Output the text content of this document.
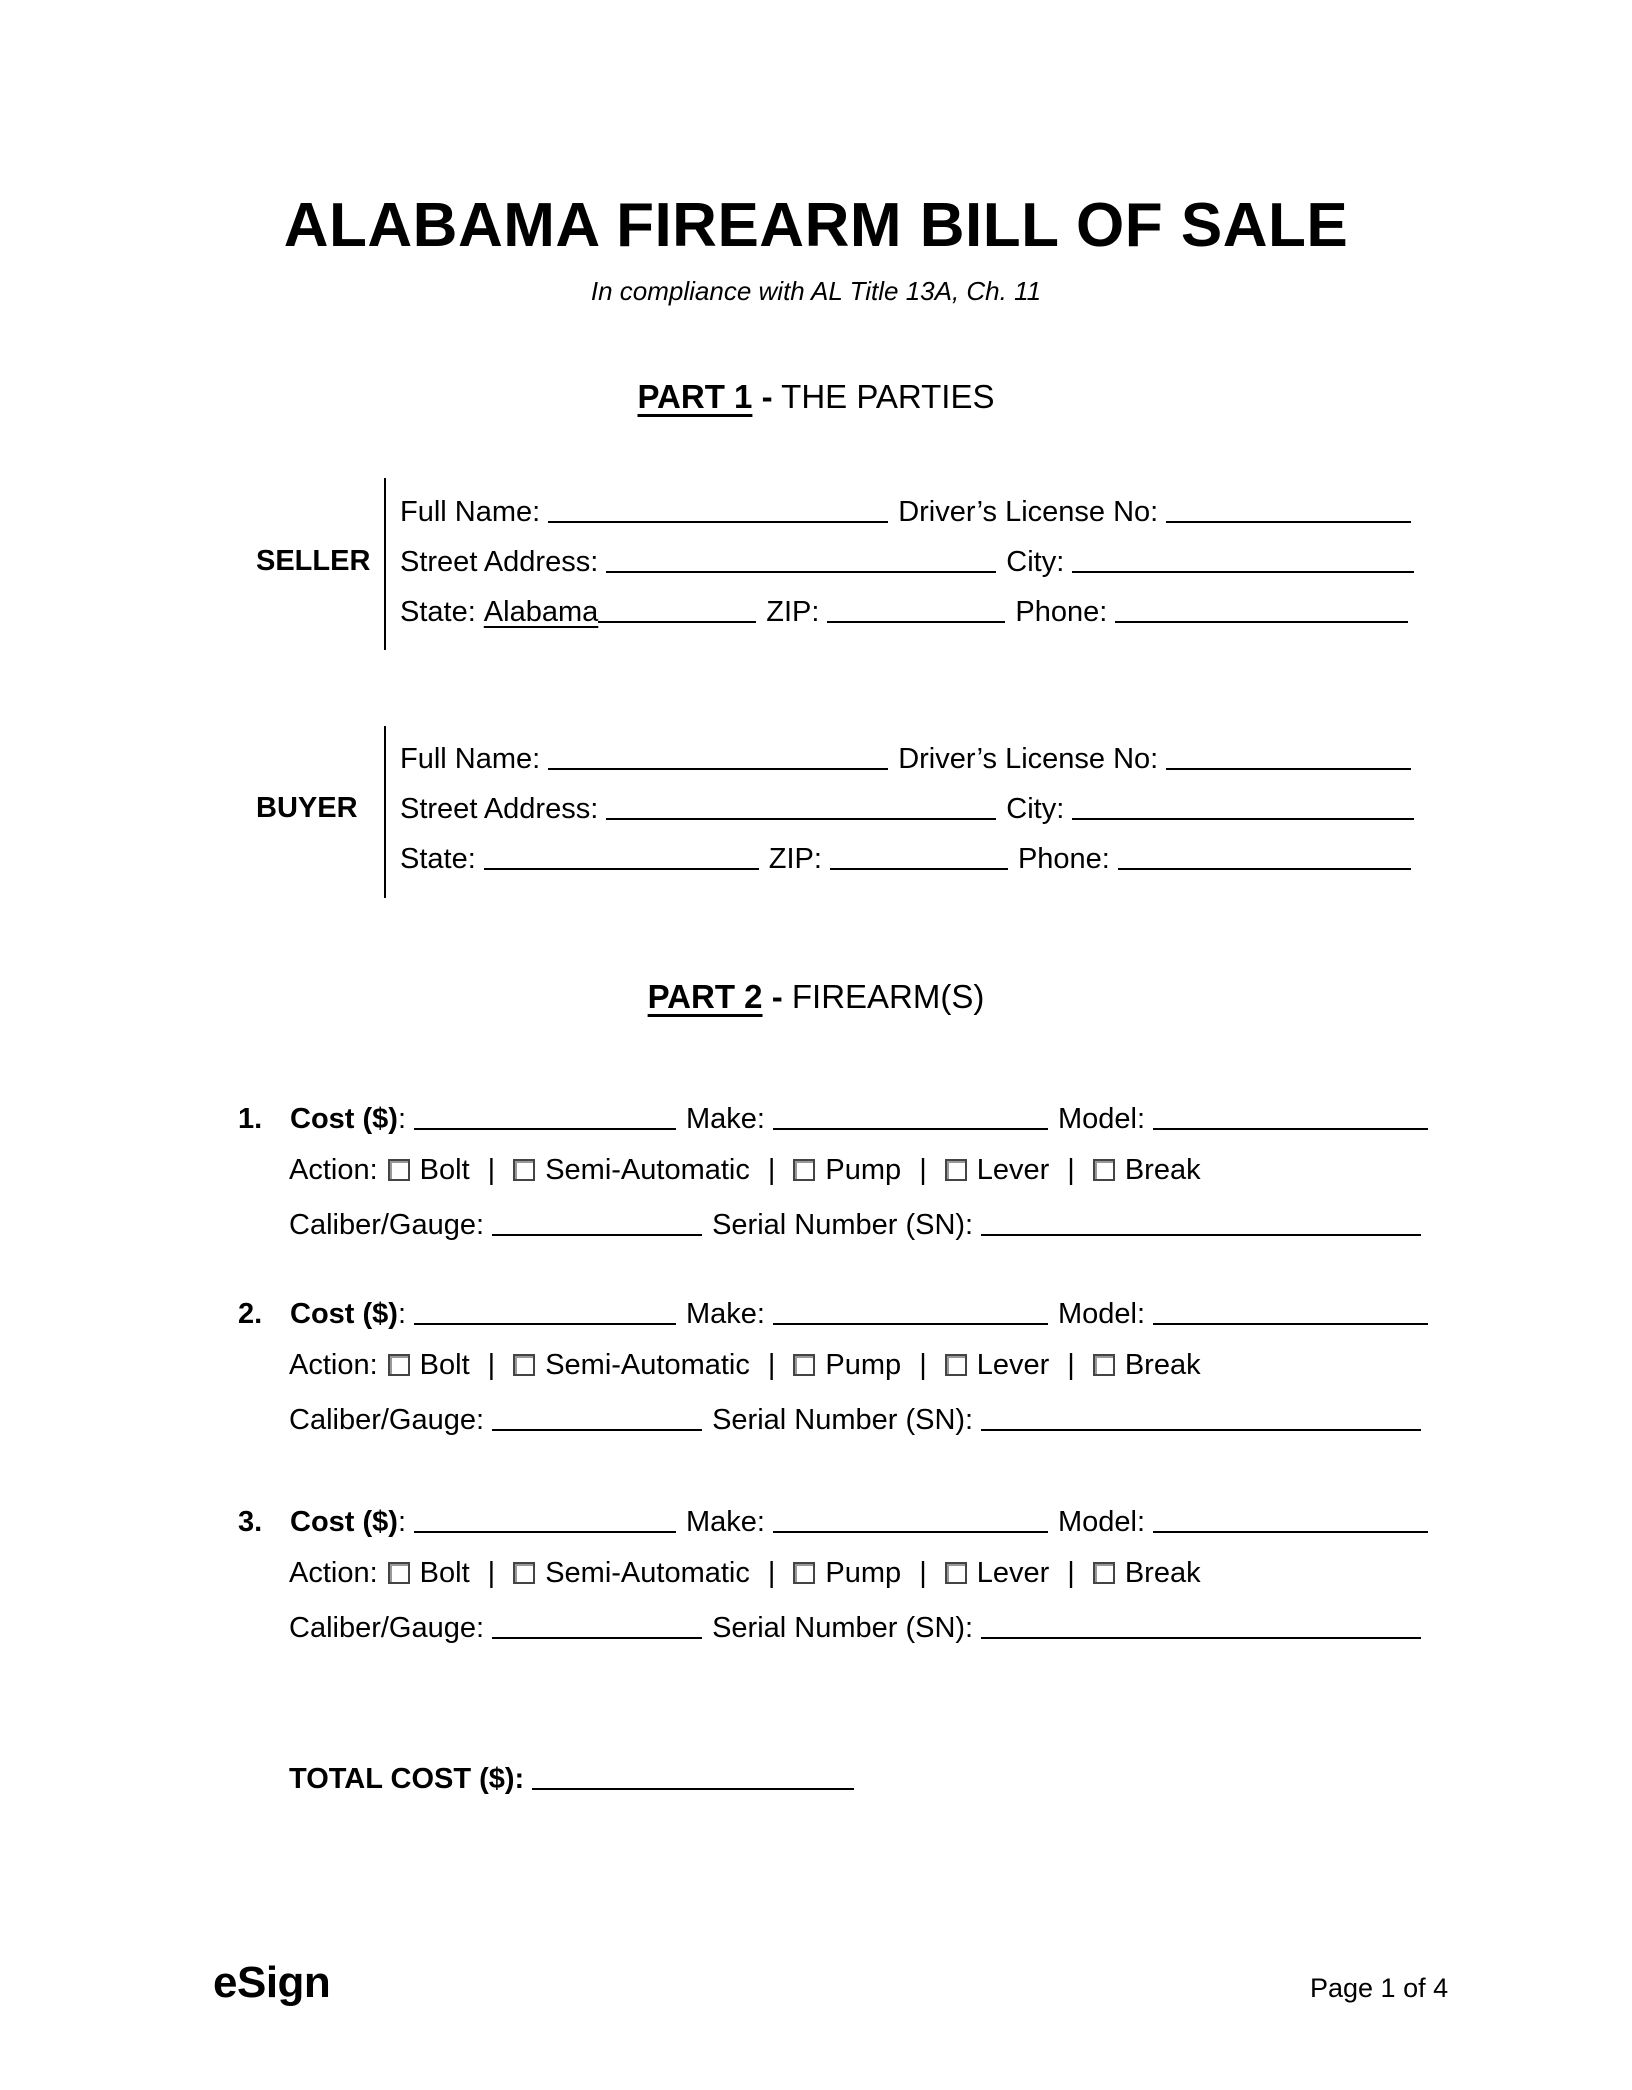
ALABAMA FIREARM BILL OF SALE
In compliance with AL Title 13A, Ch. 11
PART 1 - THE PARTIES
SELLER
Full Name:	Driver’s License No:
Street Address:	City:
State: Alabama	ZIP:	Phone:
BUYER
Full Name:	Driver’s License No:
Street Address:	City:
State:	ZIP:	Phone:
PART 2 - FIREARM(S)
1. Cost ($) :	Make:	Model:
Action: Bolt | Semi-Automatic | Pump | Lever | Break
Caliber/Gauge:	Serial Number (SN):
2. Cost ($) :	Make:	Model:
Action: Bolt | Semi-Automatic | Pump | Lever | Break
Caliber/Gauge:	Serial Number (SN):
3. Cost ($) :	Make:	Model:
Action: Bolt | Semi-Automatic | Pump | Lever | Break
Caliber/Gauge:	Serial Number (SN):
TOTAL COST ($):
eSign	Page 1 of 4
